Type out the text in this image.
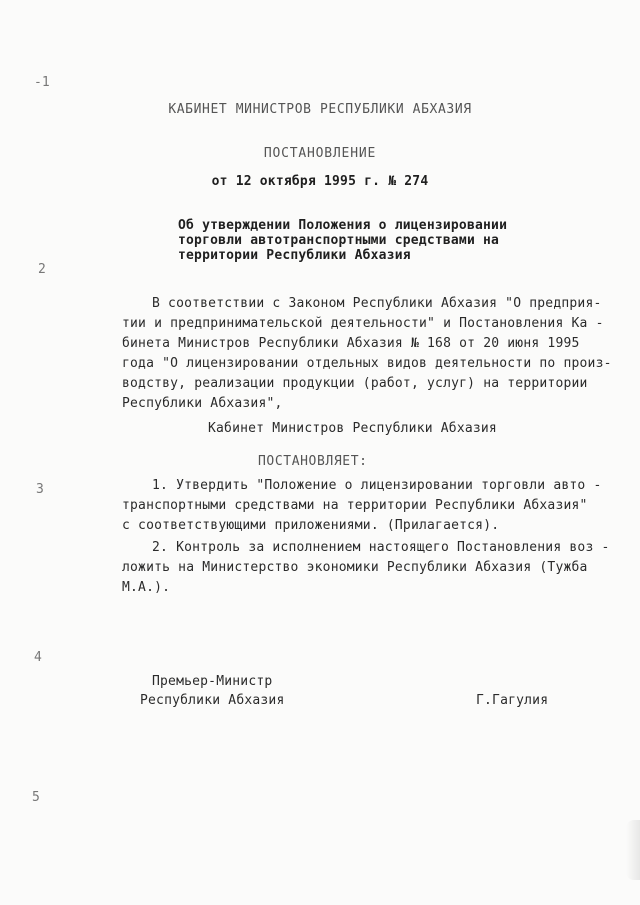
-1
2
3
4
5
КАБИНЕТ МИНИСТРОВ РЕСПУБЛИКИ АБХАЗИЯ
ПОСТАНОВЛЕНИЕ
от 12 октября 1995 г. № 274
Об утверждении Положения о лицензировании
торговли автотранспортными средствами на
территории Республики Абхазия
В соответствии с Законом Республики Абхазия "О предприя-
тии и предпринимательской деятельности" и Постановления Ка -
бинета Министров Республики Абхазия № 168 от 20 июня 1995
года "О лицензировании отдельных видов деятельности по произ-
водству, реализации продукции (работ, услуг) на территории
Республики Абхазия",
Кабинет Министров Республики Абхазия
ПОСТАНОВЛЯЕТ:
1. Утвердить "Положение о лицензировании торговли авто -
транспортными средствами на территории Республики Абхазия"
с соответствующими приложениями. (Прилагается).
2. Контроль за исполнением настоящего Постановления воз -
ложить на Министерство экономики Республики Абхазия (Тужба
М.А.).
Премьер-Министр
Республики Абхазия	Г.Гагулия
